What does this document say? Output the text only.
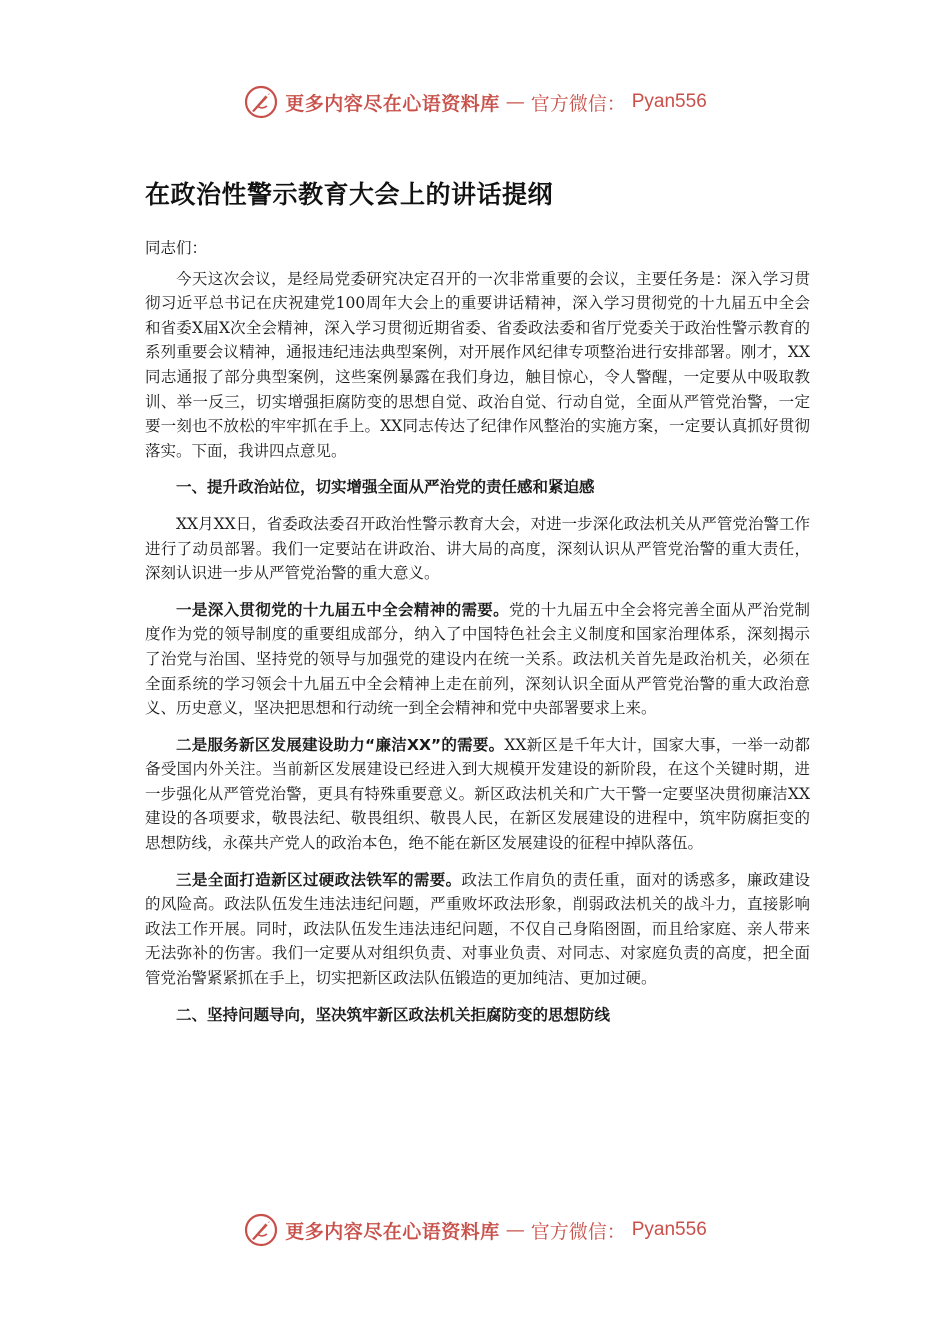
更多内容尽在心语资料库 — 官方微信： Pyan556
在政治性警示教育大会上的讲话提纲
同志们：

今天这次会议，是经局党委研究决定召开的一次非常重要的会议，主要任务是：深入学习贯彻习近平总书记在庆祝建党100周年大会上的重要讲话精神，深入学习贯彻党的十九届五中全会和省委X届X次全会精神，深入学习贯彻近期省委、省委政法委和省厅党委关于政治性警示教育的系列重要会议精神，通报违纪违法典型案例，对开展作风纪律专项整治进行安排部署。刚才，XX同志通报了部分典型案例，这些案例暴露在我们身边，触目惊心，令人警醒，一定要从中吸取教训、举一反三，切实增强拒腐防变的思想自觉、政治自觉、行动自觉，全面从严管党治警，一定要一刻也不放松的牢牢抓在手上。XX同志传达了纪律作风整治的实施方案，一定要认真抓好贯彻落实。下面，我讲四点意见。

一、提升政治站位，切实增强全面从严治党的责任感和紧迫感

XX月XX日，省委政法委召开政治性警示教育大会，对进一步深化政法机关从严管党治警工作进行了动员部署。我们一定要站在讲政治、讲大局的高度，深刻认识从严管党治警的重大责任，深刻认识进一步从严管党治警的重大意义。

一是深入贯彻党的十九届五中全会精神的需要。党的十九届五中全会将完善全面从严治党制度作为党的领导制度的重要组成部分，纳入了中国特色社会主义制度和国家治理体系，深刻揭示了治党与治国、坚持党的领导与加强党的建设内在统一关系。政法机关首先是政治机关，必须在全面系统的学习领会十九届五中全会精神上走在前列，深刻认识全面从严管党治警的重大政治意义、历史意义，坚决把思想和行动统一到全会精神和党中央部署要求上来。

二是服务新区发展建设助力“廉洁XX”的需要。XX新区是千年大计，国家大事，一举一动都备受国内外关注。当前新区发展建设已经进入到大规模开发建设的新阶段，在这个关键时期，进一步强化从严管党治警，更具有特殊重要意义。新区政法机关和广大干警一定要坚决贯彻廉洁XX建设的各项要求，敬畏法纪、敬畏组织、敬畏人民，在新区发展建设的进程中，筑牢防腐拒变的思想防线，永葆共产党人的政治本色，绝不能在新区发展建设的征程中掉队落伍。

三是全面打造新区过硬政法铁军的需要。政法工作肩负的责任重，面对的诱惑多，廉政建设的风险高。政法队伍发生违法违纪问题，严重败坏政法形象，削弱政法机关的战斗力，直接影响政法工作开展。同时，政法队伍发生违法违纪问题，不仅自己身陷囹圄，而且给家庭、亲人带来无法弥补的伤害。我们一定要从对组织负责、对事业负责、对同志、对家庭负责的高度，把全面管党治警紧紧抓在手上，切实把新区政法队伍锻造的更加纯洁、更加过硬。

二、坚持问题导向，坚决筑牢新区政法机关拒腐防变的思想防线
更多内容尽在心语资料库 — 官方微信： Pyan556
